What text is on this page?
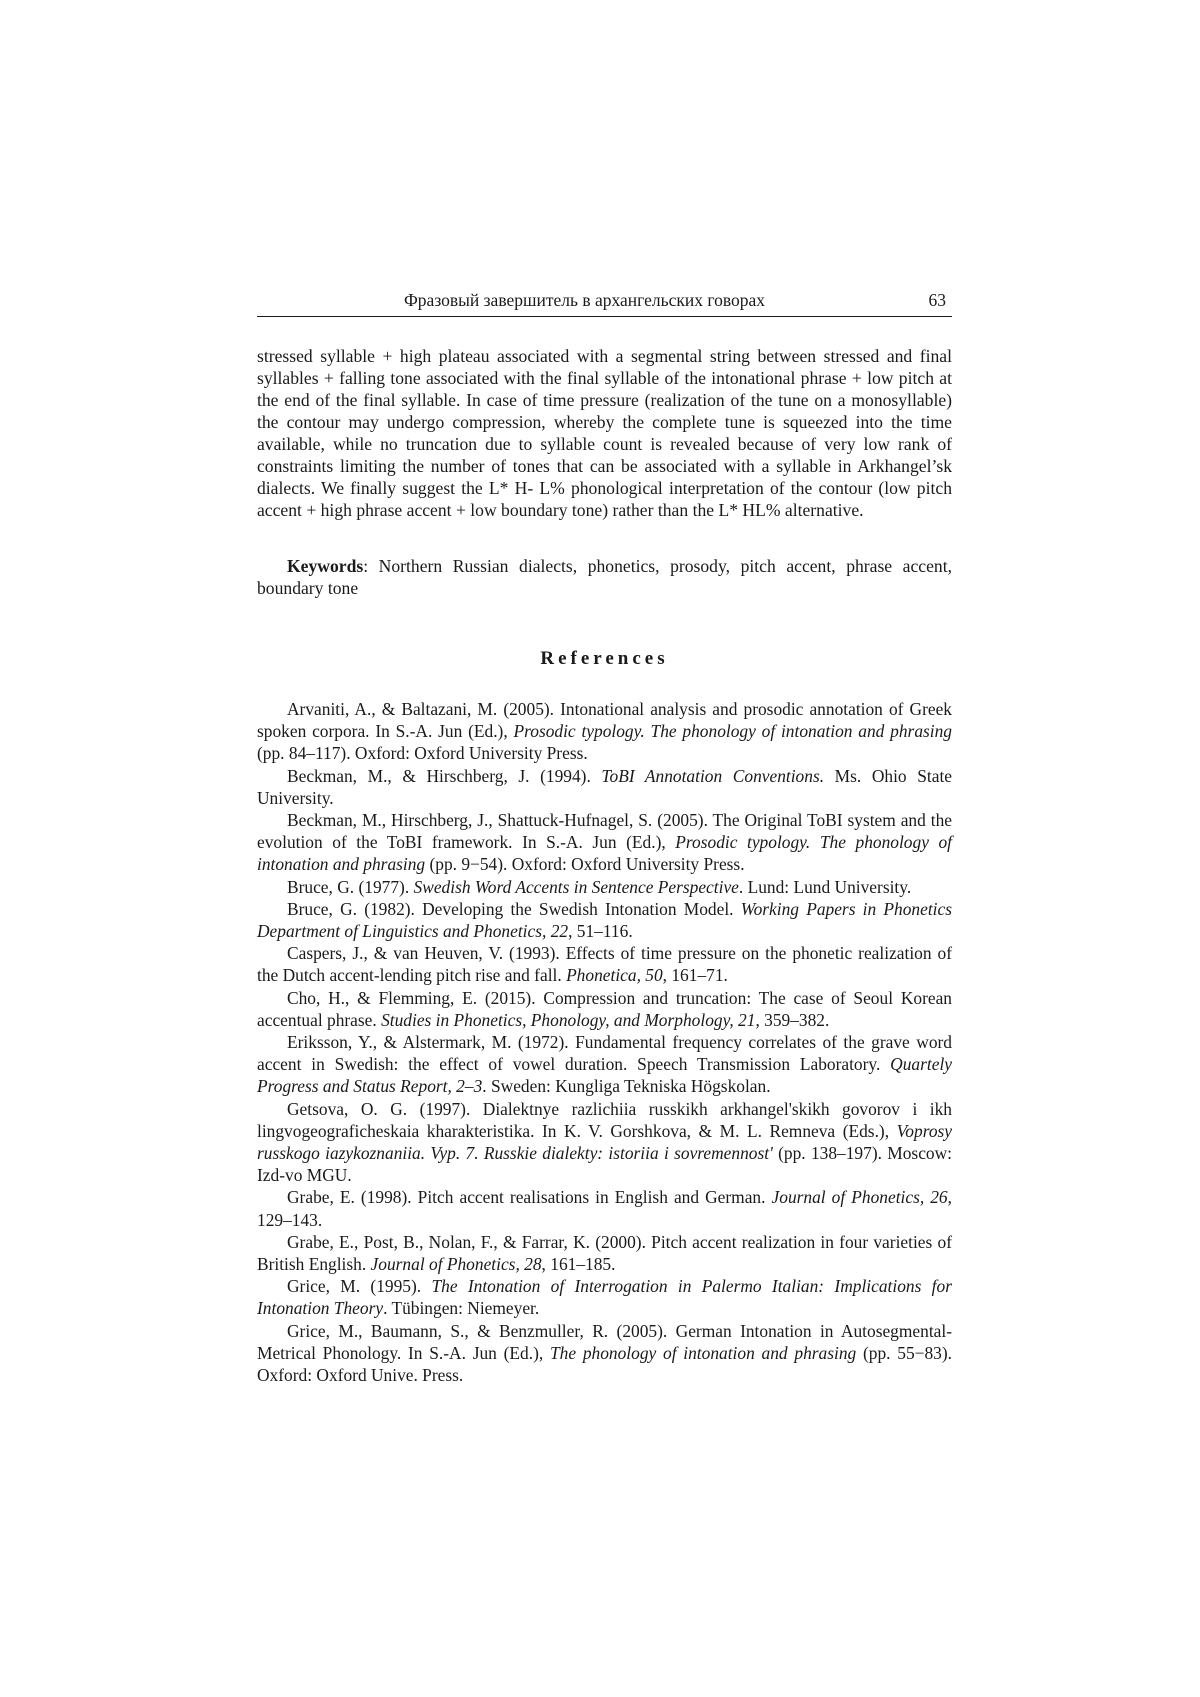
Фразовый завершитель в архангельских говорах	63

stressed syllable + high plateau associated with a segmental string between stressed and final syllables + falling tone associated with the final syllable of the intonational phrase + low pitch at the end of the final syllable. In case of time pressure (realization of the tune on a monosyllable) the contour may undergo compression, whereby the complete tune is squeezed into the time available, while no truncation due to syllable count is revealed because of very low rank of constraints limiting the number of tones that can be associated with a syllable in Arkhangel’sk dialects. We finally suggest the L* H- L% phonological interpretation of the contour (low pitch accent + high phrase accent + low boundary tone) rather than the L* HL% alternative.

Keywords: Northern Russian dialects, phonetics, prosody, pitch accent, phrase accent, boundary tone

References
Arvaniti, A., & Baltazani, M. (2005). Intonational analysis and prosodic annotation of Greek spoken corpora. In S.-A. Jun (Ed.), Prosodic typology. The phonology of intonation and phrasing (pp. 84–117). Oxford: Oxford University Press.
Beckman, M., & Hirschberg, J. (1994). ToBI Annotation Conventions. Ms. Ohio State University.
Beckman, M., Hirschberg, J., Shattuck-Hufnagel, S. (2005). The Original ToBI system and the evolution of the ToBI framework. In S.-A. Jun (Ed.), Prosodic typology. The phonology of intonation and phrasing (pp. 9−54). Oxford: Oxford University Press.
Bruce, G. (1977). Swedish Word Accents in Sentence Perspective. Lund: Lund University.
Bruce, G. (1982). Developing the Swedish Intonation Model. Working Papers in Phonetics Department of Linguistics and Phonetics, 22, 51–116.
Caspers, J., & van Heuven, V. (1993). Effects of time pressure on the phonetic realization of the Dutch accent-lending pitch rise and fall. Phonetica, 50, 161–71.
Cho, H., & Flemming, E. (2015). Compression and truncation: The case of Seoul Korean accentual phrase. Studies in Phonetics, Phonology, and Morphology, 21, 359–382.
Eriksson, Y., & Alstermark, M. (1972). Fundamental frequency correlates of the grave word accent in Swedish: the effect of vowel duration. Speech Transmission Laboratory. Quartely Progress and Status Report, 2–3. Sweden: Kungliga Tekniska Högskolan.
Getsova, O. G. (1997). Dialektnye razlichiia russkikh arkhangel'skikh govorov i ikh lingvogeograficheskaia kharakteristika. In K. V. Gorshkova, & M. L. Remneva (Eds.), Voprosy russkogo iazykoznaniia. Vyp. 7. Russkie dialekty: istoriia i sovremennost' (pp. 138–197). Moscow: Izd-vo MGU.
Grabe, E. (1998). Pitch accent realisations in English and German. Journal of Phonetics, 26, 129–143.
Grabe, E., Post, B., Nolan, F., & Farrar, K. (2000). Pitch accent realization in four varieties of British English. Journal of Phonetics, 28, 161–185.
Grice, M. (1995). The Intonation of Interrogation in Palermo Italian: Implications for Intonation Theory. Tübingen: Niemeyer.
Grice, M., Baumann, S., & Benzmuller, R. (2005). German Intonation in Autosegmental-Metrical Phonology. In S.-A. Jun (Ed.), The phonology of intonation and phrasing (pp. 55−83). Oxford: Oxford Unive. Press.
